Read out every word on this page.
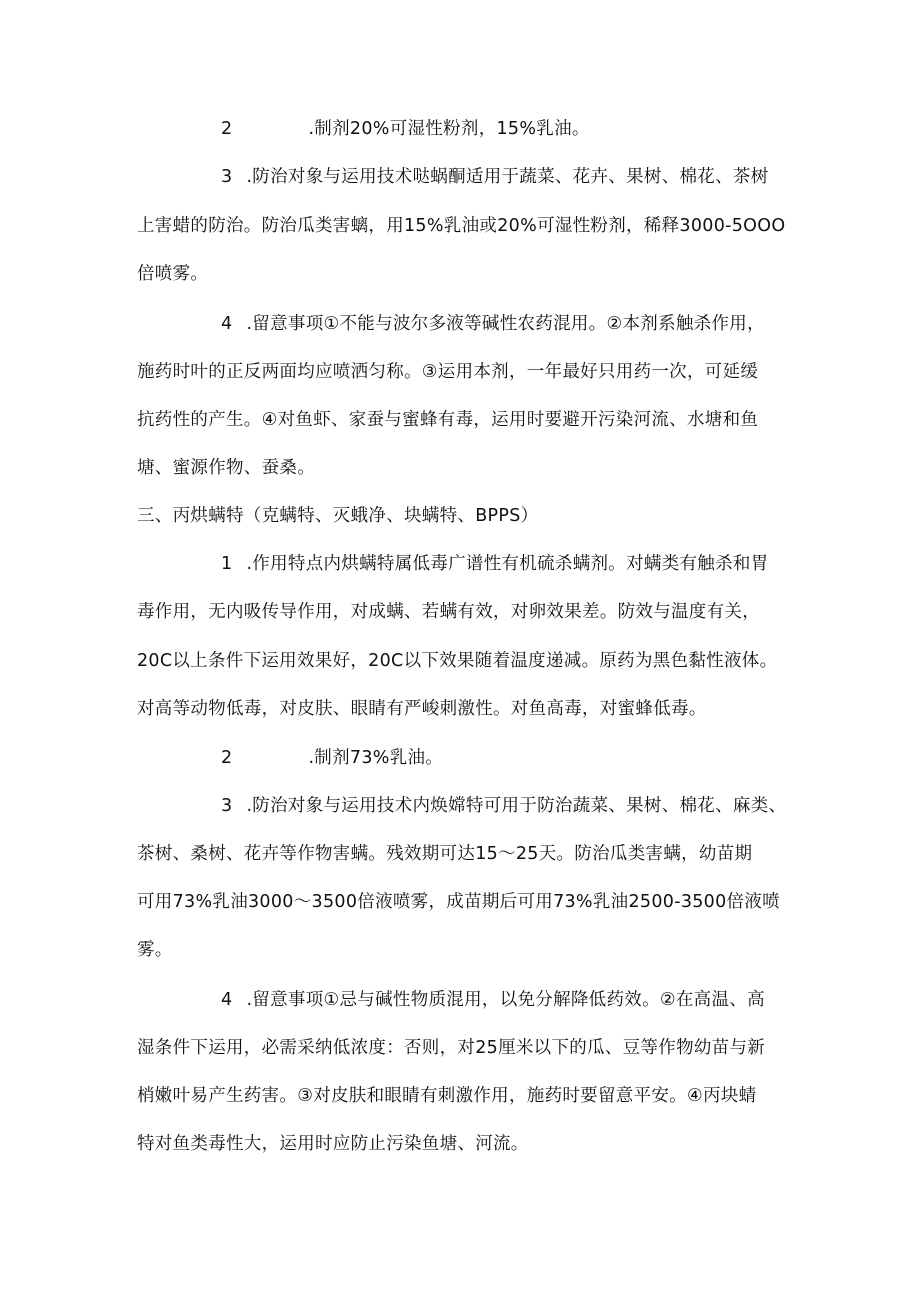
2	.制剂20%可湿性粉剂，15%乳油。
3 .防治对象与运用技术哒蜗酮适用于蔬菜、花卉、果树、棉花、茶树
上害蜡的防治。防治瓜类害螭，用15%乳油或20%可湿性粉剂，稀释3000-5OOO
倍喷雾。
4 .留意事项①不能与波尔多液等碱性农药混用。②本剂系触杀作用，
施药时叶的正反两面均应喷洒匀称。③运用本剂，一年最好只用药一次，可延缓
抗药性的产生。④对鱼虾、家蚕与蜜蜂有毒，运用时要避开污染河流、水塘和鱼
塘、蜜源作物、蚕桑。
三、丙烘螨特（克螨特、灭蛾净、块螨特、BPPS）
1 .作用特点内烘螨特属低毒广谱性有机硫杀螨剂。对螨类有触杀和胃
毒作用，无内吸传导作用，对成螨、若螨有效，对卵效果差。防效与温度有关，
20C以上条件下运用效果好，20C以下效果随着温度递减。原药为黑色黏性液体。
对高等动物低毒，对皮肤、眼睛有严峻刺激性。对鱼高毒，对蜜蜂低毒。
2	.制剂73%乳油。
3 .防治对象与运用技术内焕嫦特可用于防治蔬菜、果树、棉花、麻类、
茶树、桑树、花卉等作物害螨。残效期可达15～25天。防治瓜类害螨，幼苗期
可用73%乳油3000～3500倍液喷雾，成苗期后可用73%乳油2500-3500倍液喷
雾。
4 .留意事项①忌与碱性物质混用，以免分解降低药效。②在高温、高
湿条件下运用，必需采纳低浓度：否则，对25厘米以下的瓜、豆等作物幼苗与新
梢嫩叶易产生药害。③对皮肤和眼睛有刺激作用，施药时要留意平安。④丙块蜻
特对鱼类毒性大，运用时应防止污染鱼塘、河流。
